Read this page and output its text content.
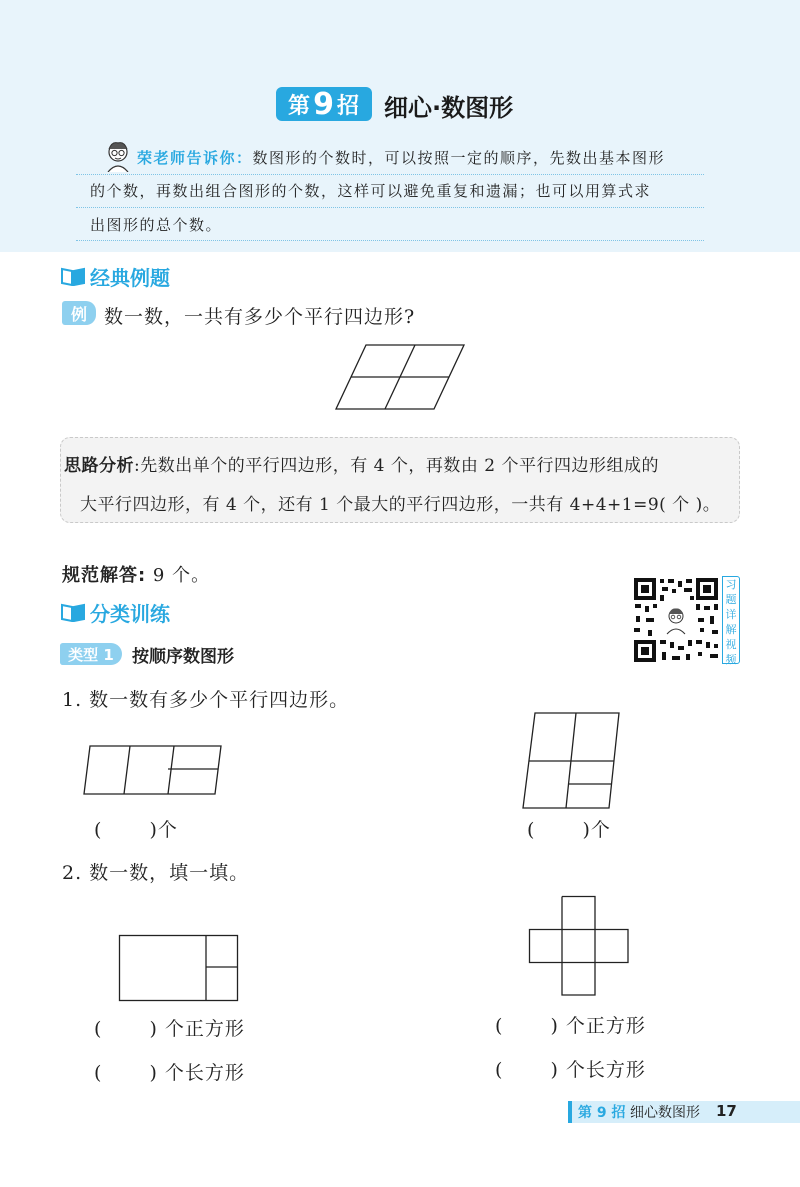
第 9 招 细心·数图形
荣老师告诉你：数图形的个数时，可以按照一定的顺序，先数出基本图形
的个数，再数出组合图形的个数，这样可以避免重复和遗漏；也可以用算式求
出图形的总个数。
经典例题
例 数一数，一共有多少个平行四边形?
思路分析:先数出单个的平行四边形，有 4 个，再数由 2 个平行四边形组成的
大平行四边形，有 4 个，还有 1 个最大的平行四边形，一共有 4+4+1=9( 个 )。
规范解答: 9 个。	习
题
详
解
视
频
分类训练
类型 1	按顺序数图形
1. 数一数有多少个平行四边形。
(　　 )个	(　　 )个
2. 数一数，填一填。
(　　 ) 个正方形
(　　 ) 个长方形
(　　 ) 个正方形
(　　 ) 个长方形
第 9 招 细心数图形 17
